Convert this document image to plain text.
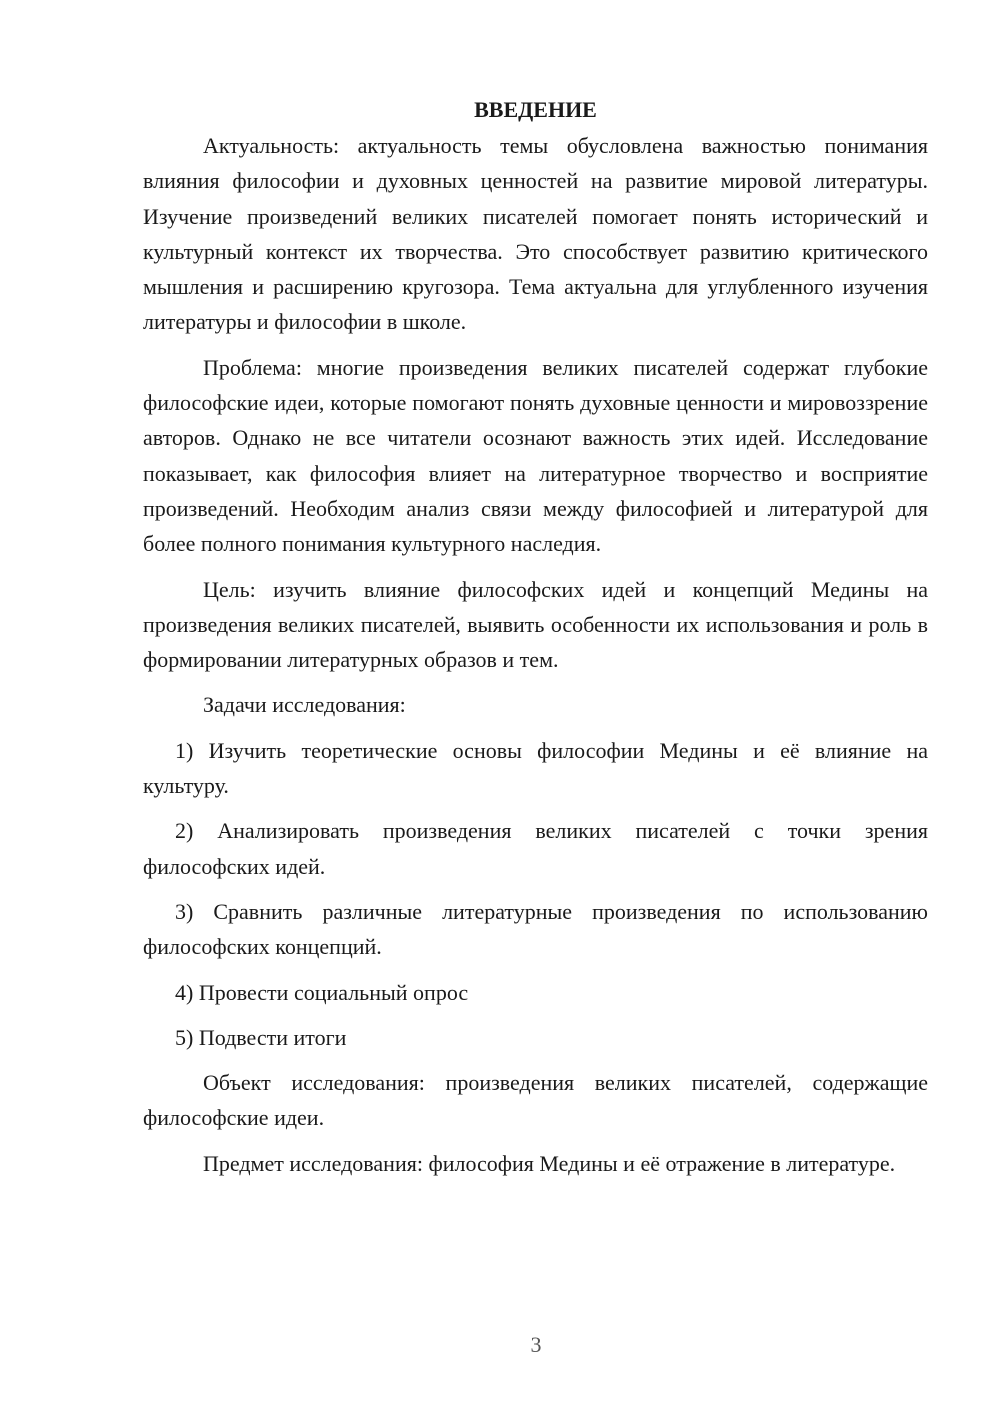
ВВЕДЕНИЕ

Актуальность: актуальность темы обусловлена важностью понимания влияния философии и духовных ценностей на развитие мировой литературы. Изучение произведений великих писателей помогает понять исторический и культурный контекст их творчества. Это способствует развитию критического мышления и расширению кругозора. Тема актуальна для углубленного изучения литературы и философии в школе.

Проблема: многие произведения великих писателей содержат глубокие философские идеи, которые помогают понять духовные ценности и мировоззрение авторов. Однако не все читатели осознают важность этих идей. Исследование показывает, как философия влияет на литературное творчество и восприятие произведений. Необходим анализ связи между философией и литературой для более полного понимания культурного наследия.

Цель: изучить влияние философских идей и концепций Медины на произведения великих писателей, выявить особенности их использования и роль в формировании литературных образов и тем.

Задачи исследования:

1) Изучить теоретические основы философии Медины и её влияние на культуру.

2) Анализировать произведения великих писателей с точки зрения философских идей.

3) Сравнить различные литературные произведения по использованию философских концепций.

4) Провести социальный опрос

5) Подвести итоги

Объект исследования: произведения великих писателей, содержащие философские идеи.

Предмет исследования: философия Медины и её отражение в литературе.

3
